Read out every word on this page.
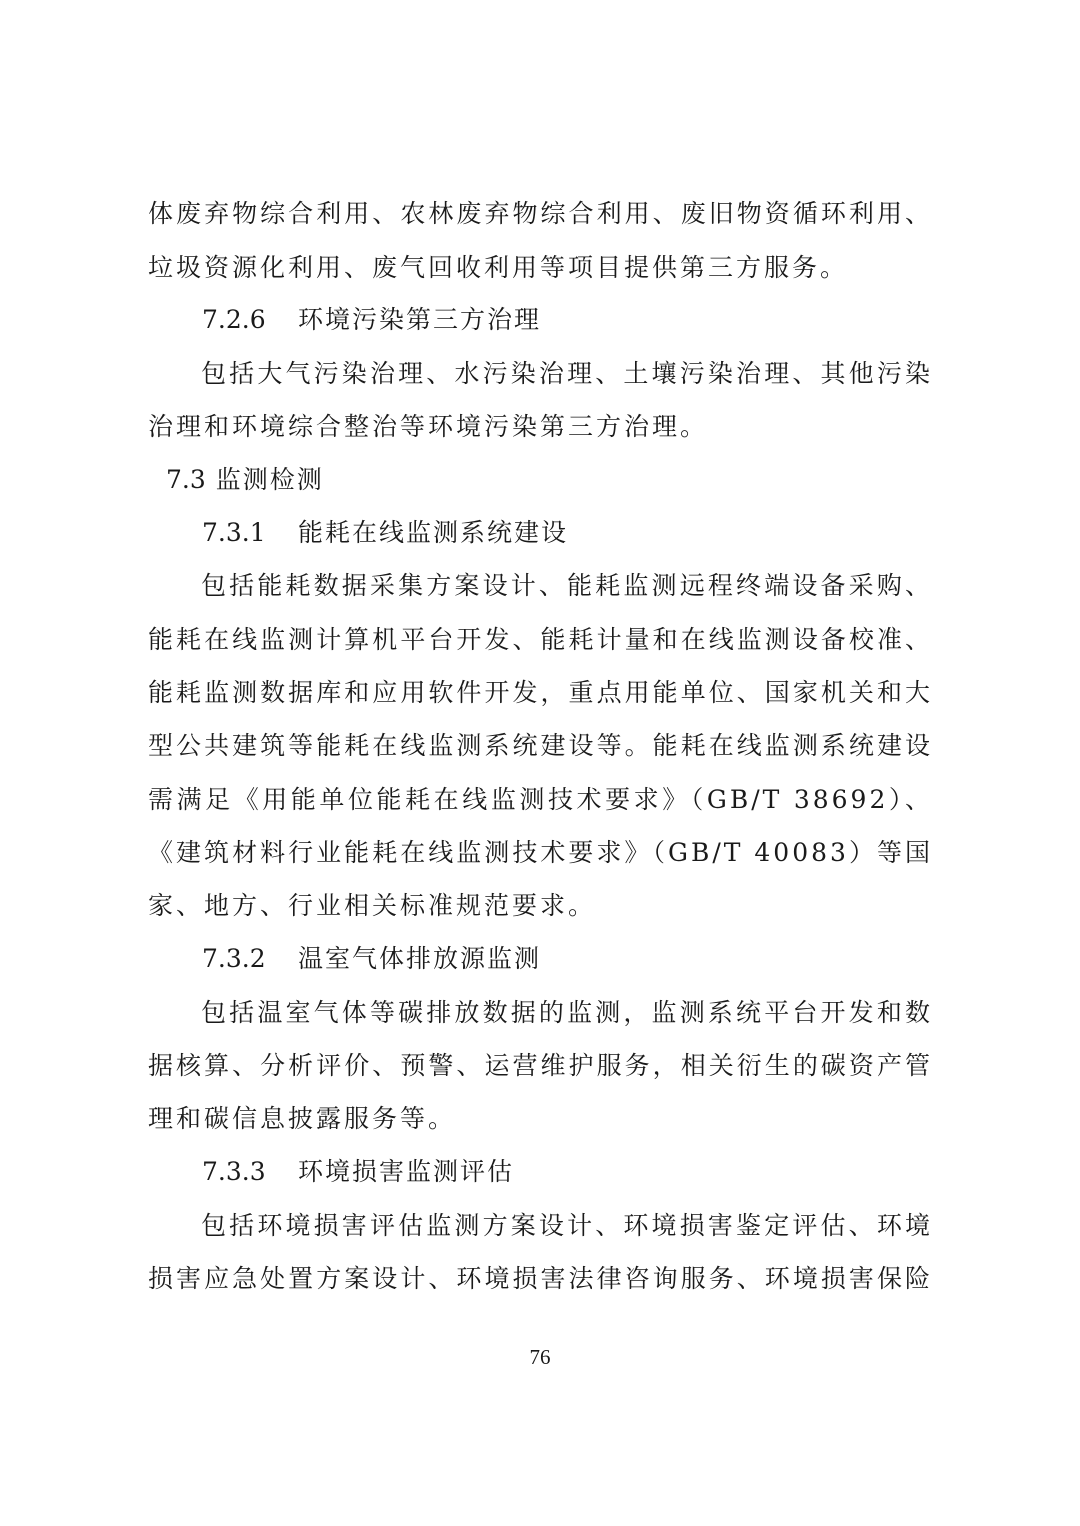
体废弃物综合利用、农林废弃物综合利用、废旧物资循环利用、
垃圾资源化利用、废气回收利用等项目提供第三方服务。
7.2.6 环境污染第三方治理
包括大气污染治理、水污染治理、土壤污染治理、其他污染
治理和环境综合整治等环境污染第三方治理。
7.3 监测检测
7.3.1 能耗在线监测系统建设
包括能耗数据采集方案设计、能耗监测远程终端设备采购、
能耗在线监测计算机平台开发、能耗计量和在线监测设备校准、
能耗监测数据库和应用软件开发，重点用能单位、国家机关和大
型公共建筑等能耗在线监测系统建设等。能耗在线监测系统建设
需满足《用能单位能耗在线监测技术要求》（GB/T 38692）、
《建筑材料行业能耗在线监测技术要求》（GB/T 40083）等国
家、地方、行业相关标准规范要求。
7.3.2 温室气体排放源监测
包括温室气体等碳排放数据的监测，监测系统平台开发和数
据核算、分析评价、预警、运营维护服务，相关衍生的碳资产管
理和碳信息披露服务等。
7.3.3 环境损害监测评估
包括环境损害评估监测方案设计、环境损害鉴定评估、环境
损害应急处置方案设计、环境损害法律咨询服务、环境损害保险
76
